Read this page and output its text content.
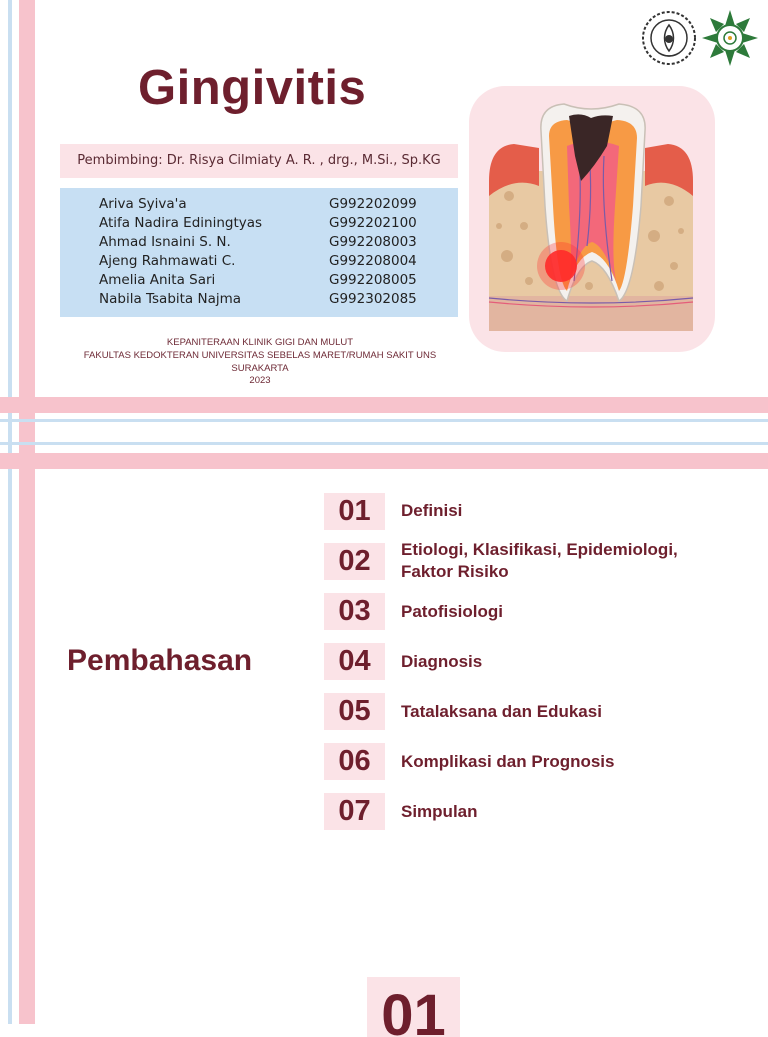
Gingivitis
Pembimbing: Dr. Risya Cilmiaty A. R. , drg., M.Si., Sp.KG
Ariva Syiva'a	G992202099
Atifa Nadira Ediningtyas	G992202100
Ahmad Isnaini S. N.	G992208003
Ajeng Rahmawati C.	G992208004
Amelia Anita Sari	G992208005
Nabila Tsabita Najma	G992302085
KEPANITERAAN KLINIK GIGI DAN MULUT
FAKULTAS KEDOKTERAN UNIVERSITAS SEBELAS MARET/RUMAH SAKIT UNS
SURAKARTA
2023
Pembahasan
01	Definisi
02	Etiologi, Klasifikasi, Epidemiologi, Faktor Risiko
03	Patofisiologi
04	Diagnosis
05	Tatalaksana dan Edukasi
06	Komplikasi dan Prognosis
07	Simpulan
01
